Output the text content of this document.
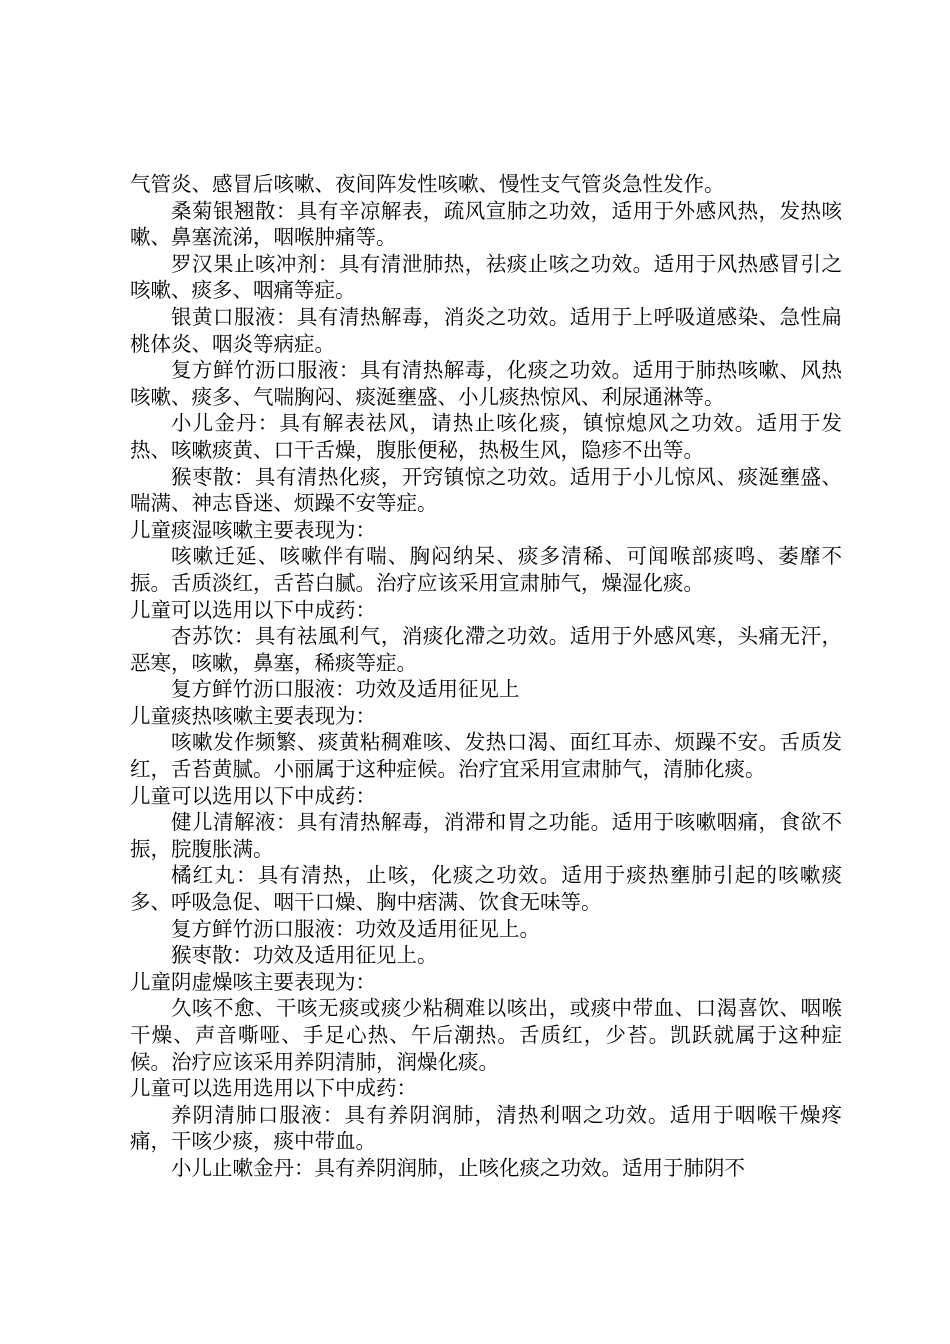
气管炎、感冒后咳嗽、夜间阵发性咳嗽、慢性支气管炎急性发作。

桑菊银翘散：具有辛凉解表，疏风宣肺之功效，适用于外感风热，发热咳嗽、鼻塞流涕，咽喉肿痛等。

罗汉果止咳冲剂：具有清泄肺热，祛痰止咳之功效。适用于风热感冒引之咳嗽、痰多、咽痛等症。

银黄口服液：具有清热解毒，消炎之功效。适用于上呼吸道感染、急性扁桃体炎、咽炎等病症。

复方鲜竹沥口服液：具有清热解毒，化痰之功效。适用于肺热咳嗽、风热咳嗽、痰多、气喘胸闷、痰涎壅盛、小儿痰热惊风、利尿通淋等。

小儿金丹：具有解表祛风，请热止咳化痰，镇惊熄风之功效。适用于发热、咳嗽痰黄、口干舌燥，腹胀便秘，热极生风，隐疹不出等。

猴枣散：具有清热化痰，开窍镇惊之功效。适用于小儿惊风、痰涎壅盛、喘满、神志昏迷、烦躁不安等症。

儿童痰湿咳嗽主要表现为：

咳嗽迁延、咳嗽伴有喘、胸闷纳呆、痰多清稀、可闻喉部痰鸣、萎靡不振。舌质淡红，舌苔白腻。治疗应该采用宣肃肺气，燥湿化痰。

儿童可以选用以下中成药：

杏苏饮：具有祛風利气，消痰化滯之功效。适用于外感风寒，头痛无汗，恶寒，咳嗽，鼻塞，稀痰等症。

复方鲜竹沥口服液：功效及适用征见上

儿童痰热咳嗽主要表现为：

咳嗽发作频繁、痰黄粘稠难咳、发热口渴、面红耳赤、烦躁不安。舌质发红，舌苔黄腻。小丽属于这种症候。治疗宜采用宣肃肺气，清肺化痰。

儿童可以选用以下中成药：

健儿清解液：具有清热解毒，消滞和胃之功能。适用于咳嗽咽痛，食欲不振，脘腹胀满。

橘红丸：具有清热，止咳，化痰之功效。适用于痰热壅肺引起的咳嗽痰多、呼吸急促、咽干口燥、胸中痞满、饮食无味等。

复方鲜竹沥口服液：功效及适用征见上。

猴枣散：功效及适用征见上。

儿童阴虚燥咳主要表现为：

久咳不愈、干咳无痰或痰少粘稠难以咳出，或痰中带血、口渴喜饮、咽喉干燥、声音嘶哑、手足心热、午后潮热。舌质红，少苔。凯跃就属于这种症候。治疗应该采用养阴清肺，润燥化痰。

儿童可以选用选用以下中成药：

养阴清肺口服液：具有养阴润肺，清热利咽之功效。适用于咽喉干燥疼痛，干咳少痰，痰中带血。

小儿止嗽金丹：具有养阴润肺，止咳化痰之功效。适用于肺阴不
